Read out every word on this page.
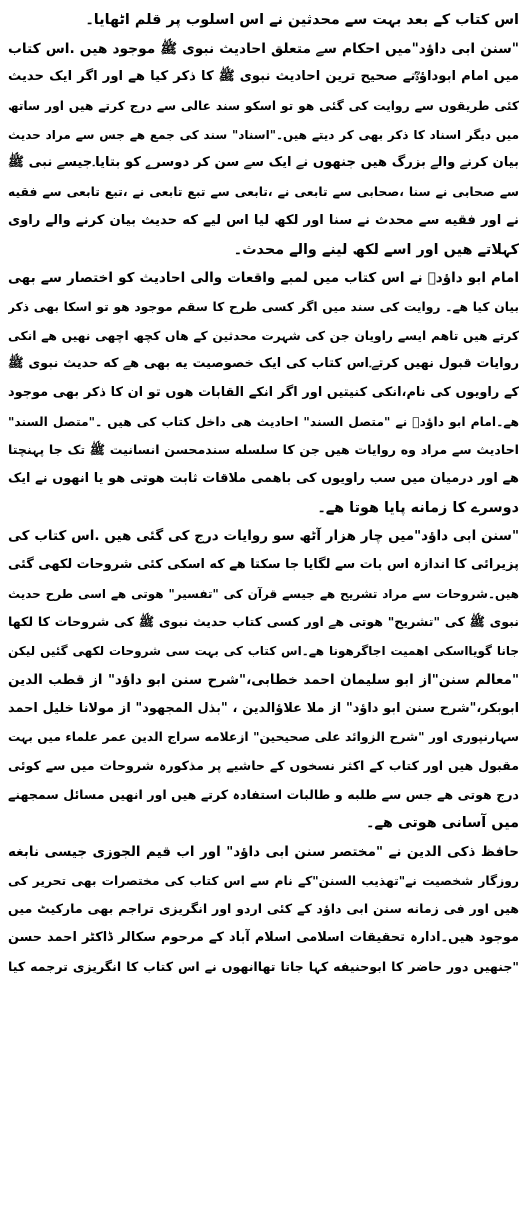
اس کتاب کے بعد بہت سے محدثین نے اس اسلوب پر قلم اٹھایا۔
"سنن ابی داؤد"میں احکام سے متعلق احادیث نبوی ﷺ موجود ھیں .اس کتاب
میں امام ابوداؤدؒنے صحیح ترین احادیث نبوی ﷺ کا ذکر کیا ھے اور اگر ایک حدیث
کئی طریقوں سے روایت کی گئی ھو تو اسکو سند عالی سے درج کرتے ھیں اور ساتھ
میں دیگر اسناد کا ذکر بھی کر دیتے ھیں۔"اسناد" سند کی جمع ھے جس سے مراد حدیث
بیان کرنے والے بزرگ ھیں جنھوں نے ایک سے سن کر دوسرے کو بتایا۔جیسے نبی ﷺ
سے صحابی نے سنا ،صحابی سے تابعی نے ،تابعی سے تبع تابعی نے ،تبع تابعی سے فقیه
نے اور فقیه سے محدث نے سنا اور لکھ لیا اس لیے که حدیث بیان کرنے والے راوی
کہلاتے ھیں اور اسے لکھ لینے والے محدث۔
امام ابو داؤدؒ نے اس کتاب میں لمبے واقعات والی احادیث کو اختصار سے بھی
بیان کیا ھے۔ روایت کی سند میں اگر کسی طرح کا سقم موجود ھو تو اسکا بھی ذکر
کرتے ھیں تاھم ایسے راویان جن کی شہرت محدثین کے ھاں کچھ اچھی نھیں ھے انکی
روایات قبول نھیں کرتے۔اس کتاب کی ایک خصوصیت یه بھی ھے که حدیث نبوی ﷺ
کے راویوں کی نام،انکی کنیتیں اور اگر انکے القابات ھوں تو ان کا ذکر بھی موجود
ھے۔امام ابو داؤدؒ نے "متصل السند" احادیث ھی داخل کتاب کی ھیں ۔"متصل السند"
احادیث سے مراد وه روایات ھیں جن کا سلسله سندمحسن انسانیت ﷺ تک جا پہنچتا
ھے اور درمیان میں سب راویوں کی باھمی ملاقات ثابت ھوتی ھو یا انھوں نے ایک
دوسرے کا زمانه پایا ھوتا ھے۔
"سنن ابی داؤد"میں چار ھزار آٹھ سو روایات درج کی گئی ھیں .اس کتاب کی
پزیرائی کا اندازہ اس بات سے لگایا جا سکتا ھے که اسکی کئی شروحات لکھی گئی
ھیں۔شروحات سے مراد تشریح ھے جیسے قرآن کی "تفسیر" ھوتی ھے اسی طرح حدیث
نبوی ﷺ کی "تشریح" ھوتی ھے اور کسی کتاب حدیث نبوی ﷺ کی شروحات کا لکھا
جانا گویااسکی اھمیت اجاگرھونا ھے۔اس کتاب کی بہت سی شروحات لکھی گئیں لیکن
"معالم سنن"از ابو سلیمان احمد خطابی،"شرح سنن ابو داؤد" از قطب الدین
ابوبکر،"شرح سنن ابو داؤد" از ملا علاؤالدین ، "بذل المجهود" از مولانا خلیل احمد
سہارنپوری اور "شرح الزوائد علی صحیحین" ازعلامه سراج الدین عمر علماء میں بہت
مقبول ھیں اور کتاب کے اکثر نسخوں کے حاشیے پر مذکورہ شروحات میں سے کوئی
درج ھوتی ھے جس سے طلبه و طالبات استفادہ کرتے ھیں اور انھیں مسائل سمجھنے
میں آسانی ھوتی ھے۔
حافظ ذکی الدین نے "مختصر سنن ابی داؤد" اور اب قیم الجوزی جیسی نابغه
روزگار شخصیت نے"تھذیب السنن"کے نام سے اس کتاب کی مختصرات بھی تحریر کی
ھیں اور فی زمانه سنن ابی داؤد کے کئی اردو اور انگریزی تراجم بھی مارکیٹ میں
موجود ھیں۔ادارہ تحقیقات اسلامی اسلام آباد کے مرحوم سکالر ڈاکٹر احمد حسن
"جنھیں دور حاضر کا ابوحنیفه کہا جاتا تھاانھوں نے اس کتاب کا انگریزی ترجمه کیا
